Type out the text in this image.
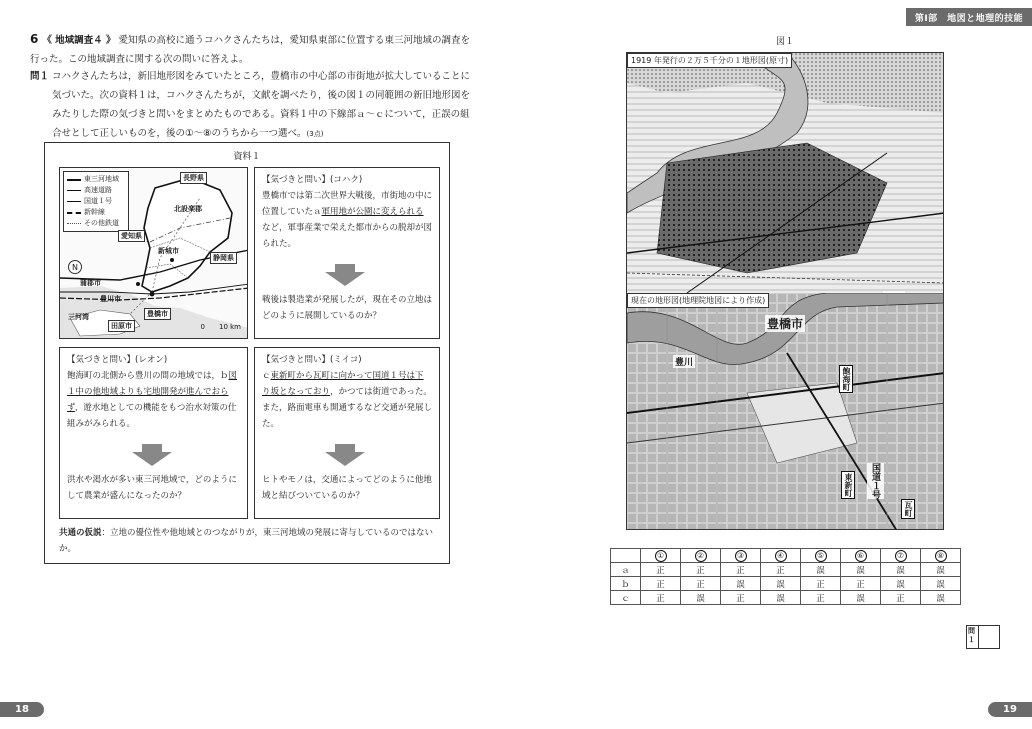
6 《 地域調査４ 》 愛知県の高校に通うコハクさんたちは，愛知県東部に位置する東三河地域の調査を行った。この地域調査に関する次の問いに答えよ。
問１ コハクさんたちは，新旧地形図をみていたところ，豊橋市の中心部の市街地が拡大していることに気づいた。次の資料１は，コハクさんたちが，文献を調べたり，後の図１の同範囲の新旧地形図をみたりした際の気づきと問いをまとめたものである。資料１中の下線部ａ～ｃについて，正誤の組合せとして正しいものを，後の①～⑧のうちから一つ選べ。(3点)
資料１
東三河地域
高速道路
国道１号
新幹線
その他鉄道
長野県
愛知県
静岡県
北設楽郡
新城市
蒲郡市
豊川市
豊橋市
田原市
三河湾
N
0　　10 km
【気づきと問い】(コハク)
豊橋市では第二次世界大戦後，市街地の中に位置していたａ軍用地が公園に変えられるなど，軍事産業で栄えた都市からの脱却が図られた。
戦後は製造業が発展したが，現在その立地はどのように展開しているのか？
【気づきと問い】(レオン)
飽海町の北側から豊川の間の地域では，ｂ図１中の他地域よりも宅地開発が進んでおらず，遊水地としての機能をもつ治水対策の仕組みがみられる。
洪水や渇水が多い東三河地域で，どのようにして農業が盛んになったのか？
【気づきと問い】(ミイコ)
ｃ東新町から瓦町に向かって国道１号は下り坂となっており，かつては街道であった。また，路面電車も開通するなど交通が発展した。
ヒトやモノは，交通によってどのように他地域と結びついているのか？
共通の仮説：立地の優位性や他地域とのつながりが，東三河地域の発展に寄与しているのではないか。
18
第Ⅰ部　地図と地理的技能
図１
1919 年発行の２万５千分の１地形図(原寸)
現在の地形図(地理院地図により作成)
豊橋市
豊川
飽海町
東新町
瓦町
国道１号
	①	②	③	④	⑤	⑥	⑦	⑧
ａ	正	正	正	正	誤	誤	誤	誤
ｂ	正	正	誤	誤	正	正	誤	誤
ｃ	正	誤	正	誤	正	誤	正	誤
問１
19
